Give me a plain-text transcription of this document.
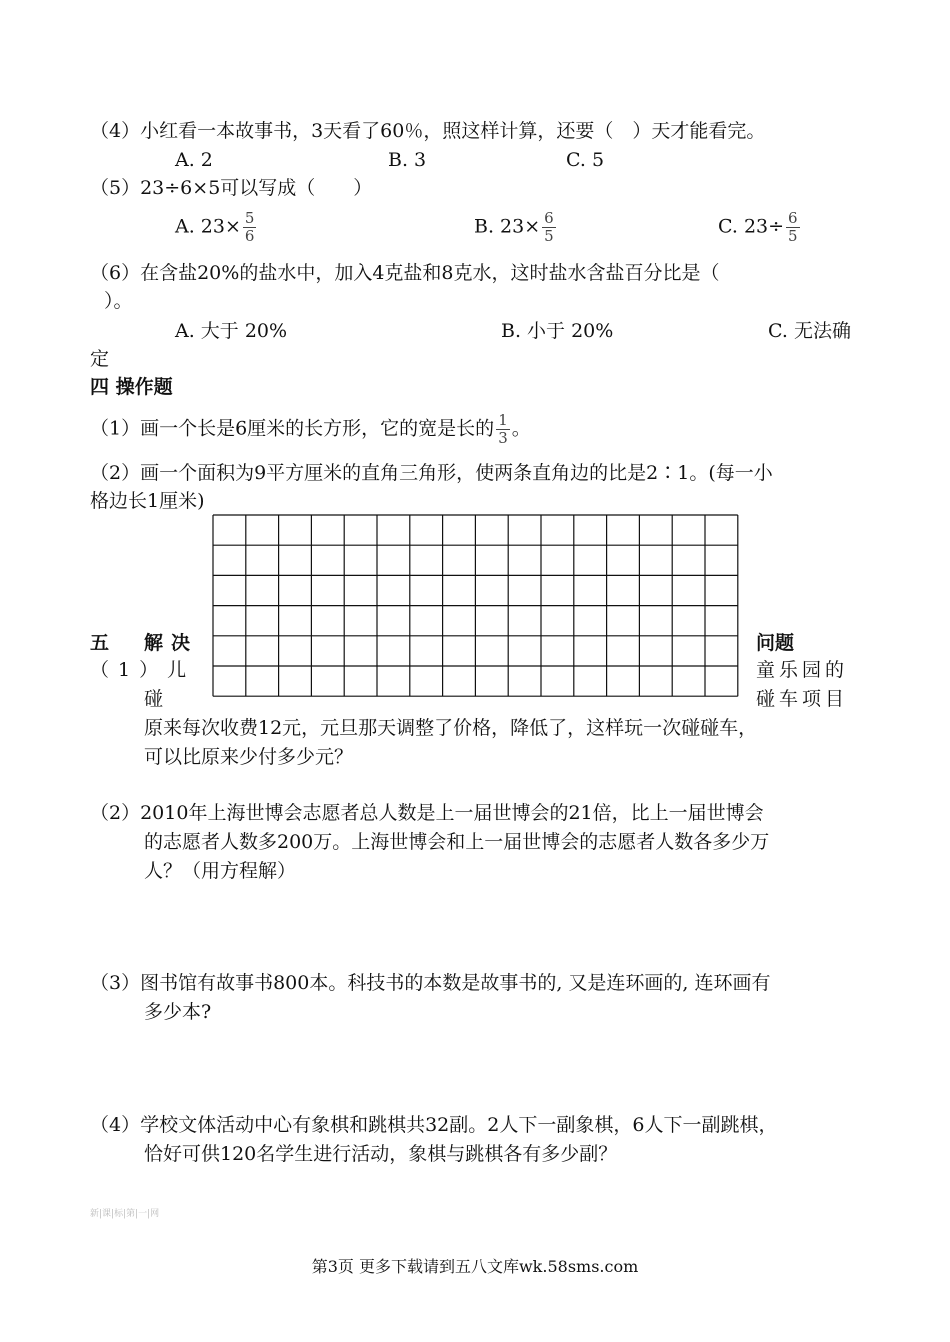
（4）小红看一本故事书，3天看了60％，照这样计算，还要（　）天才能看完。
A. 2	B. 3	C. 5
（5）23÷6×5可以写成（　　）
A. $23\times \frac{5}{6}$	B. $23\times \frac{6}{5}$	C. $23\div \frac{6}{5}$
（6）在含盐20%的盐水中，加入4克盐和8克水，这时盐水含盐百分比是（
）。
A. 大于 20%	B. 小于 20%	C. 无法确
定
四 操作题
（1）画一个长是6厘米的长方形，它的宽是长的 $\frac{1}{3}$ 。
（2）画一个面积为9平方厘米的直角三角形，使两条直角边的比是2∶1。(每一小
格边长1厘米)
五　解决	问题
（1）儿	童乐园的
碰	碰车项目
原来每次收费12元，元旦那天调整了价格，降低了，这样玩一次碰碰车，
可以比原来少付多少元？
（2）2010年上海世博会志愿者总人数是上一届世博会的21倍，比上一届世博会
的志愿者人数多200万。上海世博会和上一届世博会的志愿者人数各多少万
人？（用方程解）
（3）图书馆有故事书800本。科技书的本数是故事书的, 又是连环画的, 连环画有
多少本?
（4）学校文体活动中心有象棋和跳棋共32副。2人下一副象棋，6人下一副跳棋，
恰好可供120名学生进行活动，象棋与跳棋各有多少副？
新|课|标|第|一|网
第3页 更多下载请到五八文库wk.58sms.com
